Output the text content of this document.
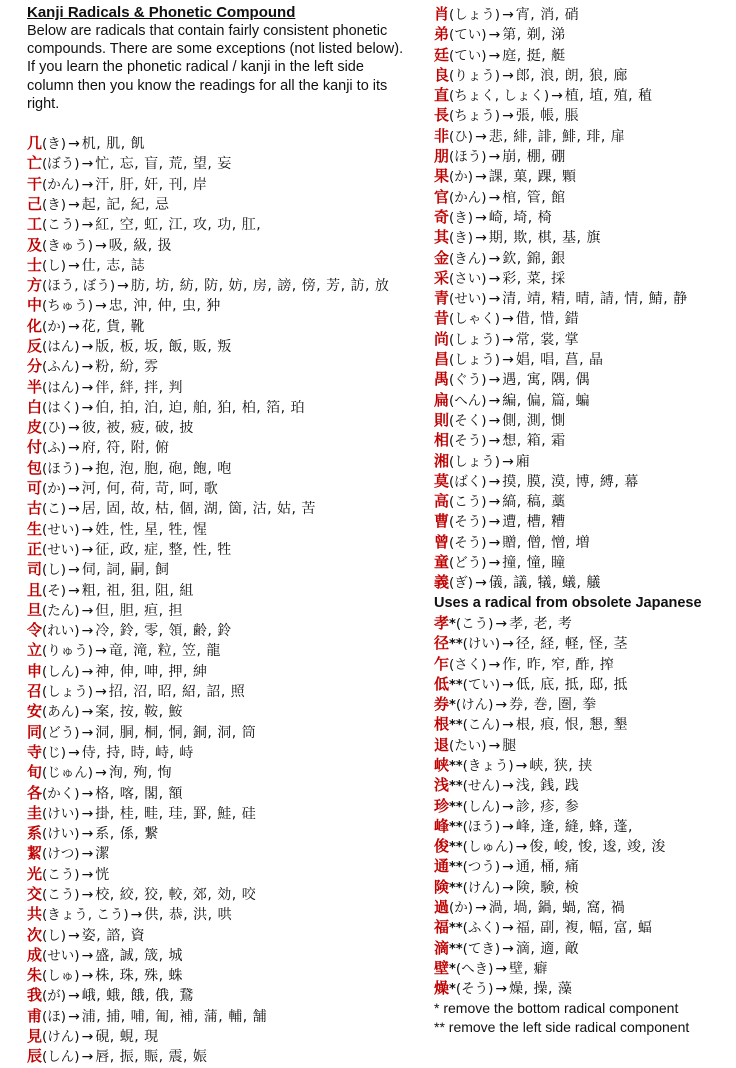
Kanji Radicals & Phonetic Compound

Below are radicals that contain fairly consistent phonetic compounds. There are some exceptions (not listed below). If you learn the phonetic radical / kanji in the left side column then you know the readings for all the kanji to its right.

几(き) → 机, 肌, 飢
亡(ぼう) → 忙, 忘, 盲, 荒, 望, 妄
干(かん) → 汗, 肝, 奸, 刊, 岸
己(き) → 起, 記, 紀, 忌
工(こう) → 紅, 空, 虹, 江, 攻, 功, 肛,
及(きゅう) → 吸, 級, 扱
士(し) → 仕, 志, 誌
方(ほう, ぼう) → 肪, 坊, 紡, 防, 妨, 房, 謗, 傍, 芳, 訪, 放
中(ちゅう) → 忠, 沖, 仲, 虫, 狆
化(か) → 花, 貨, 靴
反(はん) → 版, 板, 坂, 飯, 販, 叛
分(ふん) → 粉, 紛, 雰
半(はん) → 伴, 絆, 拌, 判
白(はく) → 伯, 拍, 泊, 迫, 舶, 狛, 柏, 箔, 珀
皮(ひ) → 彼, 被, 疲, 破, 披
付(ふ) → 府, 符, 附, 俯
包(ほう) → 抱, 泡, 胞, 砲, 飽, 咆
可(か) → 河, 何, 荷, 苛, 呵, 歌
古(こ) → 居, 固, 故, 枯, 個, 湖, 箇, 沽, 姑, 苦
生(せい) → 姓, 性, 星, 牲, 惺
正(せい) → 征, 政, 症, 整, 性, 牲
司(し) → 伺, 詞, 嗣, 飼
且(そ) → 粗, 祖, 狙, 阻, 組
旦(たん) → 但, 胆, 疸, 担
令(れい) → 冷, 鈴, 零, 領, 齢, 鈴
立(りゅう) → 竜, 滝, 粒, 笠, 龍
申(しん) → 神, 伸, 呻, 押, 紳
召(しょう) → 招, 沼, 昭, 紹, 詔, 照
安(あん) → 案, 按, 鞍, 鮟
同(どう) → 洞, 胴, 桐, 恫, 銅, 洞, 筒
寺(じ) → 侍, 持, 時, 峙, 峙
旬(じゅん) → 洵, 殉, 恂
各(かく) → 格, 喀, 閣, 額
圭(けい) → 掛, 桂, 畦, 珪, 罫, 鮭, 硅
系(けい) → 系, 係, 繋
絜(けつ) → 潔
光(こう) → 恍
交(こう) → 校, 絞, 狡, 較, 郊, 効, 咬
共(きょう, こう) → 供, 恭, 洪, 哄
次(し) → 姿, 諮, 資
成(せい) → 盛, 誠, 筬, 城
朱(しゅ) → 株, 珠, 殊, 蛛
我(が) → 峨, 蛾, 餓, 俄, 鵞
甫(ほ) → 浦, 捕, 哺, 匍, 補, 蒲, 輔, 舗
見(けん) → 硯, 蜆, 現
辰(しん) → 唇, 振, 賑, 震, 娠
肖(しょう) → 宵, 消, 硝
弟(てい) → 第, 剃, 涕
廷(てい) → 庭, 挺, 艇
良(りょう) → 郎, 浪, 朗, 狼, 廊
直(ちょく, しょく) → 植, 埴, 殖, 稙
長(ちょう) → 張, 帳, 脹
非(ひ) → 悲, 緋, 誹, 鯡, 琲, 扉
朋(ほう) → 崩, 棚, 硼
果(か) → 課, 菓, 踝, 顆
官(かん) → 棺, 管, 館
奇(き) → 崎, 埼, 椅
其(き) → 期, 欺, 棋, 基, 旗
金(きん) → 欽, 錦, 銀
采(さい) → 彩, 菜, 採
青(せい) → 清, 靖, 精, 晴, 請, 情, 鯖, 静
昔(しゃく) → 借, 惜, 錯
尚(しょう) → 常, 裳, 掌
昌(しょう) → 娼, 唱, 菖, 晶
禺(ぐう) → 遇, 寓, 隅, 偶
扁(へん) → 編, 偏, 篇, 蝙
則(そく) → 側, 測, 惻
相(そう) → 想, 箱, 霜
湘(しょう) → 廂
莫(ばく) → 摸, 膜, 漠, 博, 縛, 幕
高(こう) → 縞, 稿, 藁
曹(そう) → 遭, 槽, 糟
曾(そう) → 贈, 僧, 憎, 増
童(どう) → 撞, 憧, 瞳
義(ぎ) → 儀, 議, 犠, 蟻, 艤
Uses a radical from obsolete Japanese
孝*(こう) → 孝, 老, 考
径**(けい) → 径, 経, 軽, 怪, 茎
乍(さく) → 作, 昨, 窄, 酢, 搾
低**(てい) → 低, 底, 抵, 邸, 抵
券*(けん) → 券, 巻, 圏, 拳
根**(こん) → 根, 痕, 恨, 懇, 墾
退(たい) → 腿
峡**(きょう) → 峡, 狭, 挟
浅**(せん) → 浅, 銭, 践
珍**(しん) → 診, 疹, 参
峰**(ほう) → 峰, 逢, 縫, 蜂, 蓬,
俊**(しゅん) → 俊, 峻, 悛, 逡, 竣, 浚
通**(つう) → 通, 桶, 痛
険**(けん) → 険, 験, 検
過(か) → 渦, 堝, 鍋, 蝸, 窩, 禍
福**(ふく) → 福, 副, 複, 幅, 富, 蝠
滴**(てき) → 滴, 適, 敵
壁*(へき) → 壁, 癖
燥*(そう) → 燥, 操, 藻
* remove the bottom radical component
** remove the left side radical component
